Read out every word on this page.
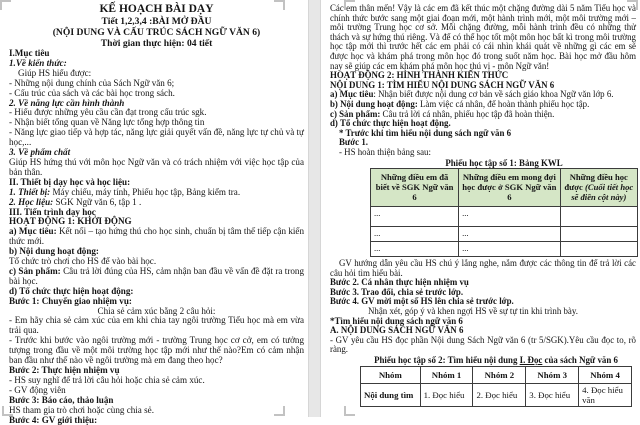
KẾ HOẠCH BÀI DẠY
Tiết 1,2,3,4 :BÀI MỞ ĐẦU
(NỘI DUNG VÀ CẤU TRÚC SÁCH NGỮ VĂN 6)
Thời gian thực hiện: 04 tiết

I.Mục tiêu

1.Về kiến thức:

Giúp HS hiểu được:

- Những nội dung chính của Sách Ngữ văn 6;

- Cấu trúc của sách và các bài học trong sách.

2. Về năng lực cần hình thành

- Hiểu được những yêu cầu cần đạt trong cấu trúc sgk.

- Nhận biết tổng quan về Năng lực tổng hợp thông tin

- Năng lực giao tiếp và hợp tác, năng lực giải quyết vấn đề, năng lực tự chủ và tự học,...

3. Về phẩm chất

Giúp HS hứng thú với môn học Ngữ văn và có trách nhiệm với việc học tập của bản thân.

II. Thiết bị dạy học và học liệu:

1. Thiết bị: Máy chiếu, máy tính, Phiếu học tập, Bảng kiểm tra.

2. Học liệu: SGK Ngữ văn 6, tập 1 .

III. Tiến trình dạy học

HOẠT ĐỘNG 1: KHỞI ĐỘNG

a) Mục tiêu: Kết nối – tạo hứng thú cho học sinh, chuẩn bị tâm thế tiếp cận kiến thức mới.

b) Nội dung hoạt động:

Tổ chức trò chơi cho HS để vào bài học.

c) Sản phẩm: Câu trả lời đúng của HS, cảm nhận ban đầu về vấn đề đặt ra trong bài học.

d) Tổ chức thực hiện hoạt động:

Bước 1: Chuyển giao nhiệm vụ:

Chia sẻ cảm xúc bằng 2 câu hỏi:

- Em hãy chia sẻ cảm xúc của em khi chia tay ngôi trường Tiểu học mà em vừa trải qua.

- Trước khi bước vào ngôi trường mới - trường Trung học cơ cở, em có tưởng tượng trong đầu về một môi trường học tập mới như thế nào?Em có cảm nhận ban đầu như thế nào về ngôi trường mà em đang theo học?

Bước 2: Thực hiện nhiệm vụ

- HS suy nghĩ để trả lời câu hỏi hoặc chia sẻ cảm xúc.

- GV động viên

Bước 3: Báo cáo, thảo luận

HS tham gia trò chơi hoặc cùng chia sẻ.

Bước 4: GV giới thiệu:

Các em thân mến! Vậy là các em đã kết thúc một chặng đường dài 5 năm Tiểu học và chính thức bước sang một giai đoạn mới, một hành trình mới, một môi trường mới – môi trường Trung học cơ sở. Mỗi chặng đường, mỗi hành trình đều có những thử thách và sự hứng thú riêng. Và để có thể học tốt một môn học bất kì trong môi trường học tập mới thì trước hết các em phải có cái nhìn khái quát về những gì các em sẽ được học và khám phá trong môn học đó trong suốt năm học. Bài học mở đầu hôm nay sẽ giúp các em khám phá môn học thú vị - môn Ngữ văn!

HOẠT ĐỘNG 2: HÌNH THÀNH KIẾN THỨC

NỘI DUNG 1: TÌM HIỂU NỘI DUNG SÁCH NGỮ VĂN 6

a) Mục tiêu: Nhận biết được nội dung cơ bản về sách giáo khoa Ngữ văn lớp 6.

b) Nội dung hoạt động: Làm việc cá nhân, để hoàn thành phiếu học tập.

c) Sản phẩm: Câu trả lời cá nhân, phiếu học tập đã hoàn thiện.

d) Tổ chức thực hiện hoạt động.

* Trước khi tìm hiểu nội dung sách ngữ văn 6

Bước 1.

- HS hoàn thiện bảng sau:

Phiếu học tập số 1: Bảng KWL

Những điều em đã biết về SGK Ngữ văn 6	Những điều em mong đợi học được ở SGK Ngữ văn 6	Những điều học được (Cuối tiết học sẽ điền cột này)
...	...	
...	...	
...	...	

GV hướng dẫn yêu cầu HS chú ý lắng nghe, nắm được các thông tin để trả lời các câu hỏi tìm hiểu bài.

Bước 2. Cá nhân thực hiện nhiệm vụ

Bước 3. Trao đổi, chia sẻ trước lớp.

Bước 4. GV mời một số HS lên chia sẻ trước lớp.

Nhận xét, góp ý và khen ngợi HS về sự tự tin khi trình bày.

*Tìm hiểu nội dung sách ngữ văn 6

A. NỘI DUNG SÁCH NGỮ VĂN 6

- GV yêu cầu HS đọc phần Nội dung Sách Ngữ văn 6 (tr 5/SGK).Yêu cầu đọc to, rõ ràng.

Phiếu học tập số 2: Tìm hiểu nội dung I. Đọc của sách Ngữ văn 6

Nhóm	Nhóm 1	Nhóm 2	Nhóm 3	Nhóm 4
Nội dung tìm	1. Đọc hiểu	2. Đọc hiểu	3. Đọc hiểu	4. Đọc hiểu văn
